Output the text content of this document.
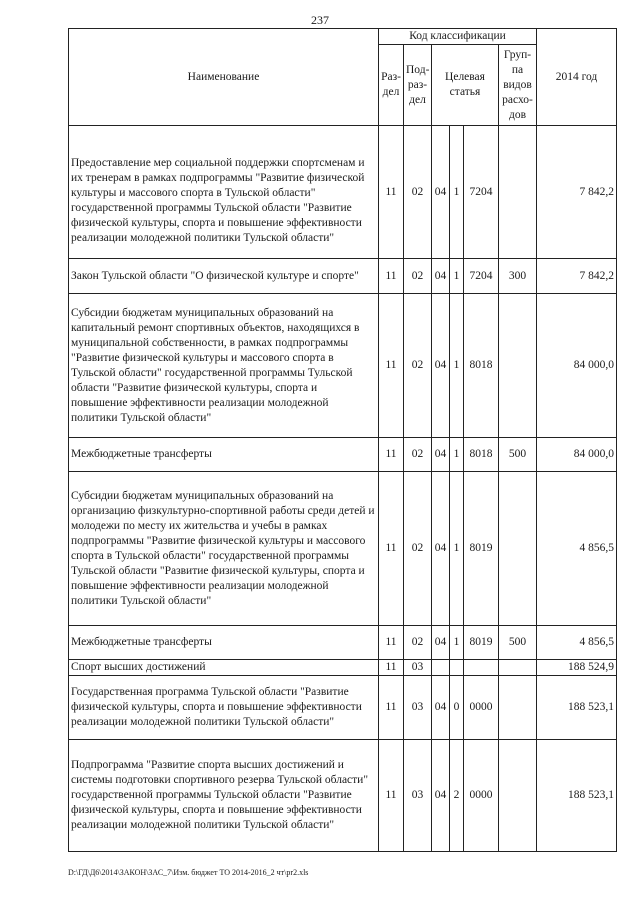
237
Наименование	Код классификации						2014 год
	Раз- дел	Под- раз- дел	Целевая статья			Груп- па видов расхо- дов	
Предоставление мер социальной поддержки спортсменам и их тренерам в рамках подпрограммы "Развитие физической культуры и массового спорта в Тульской области" государственной программы Тульской области "Развитие физической культуры, спорта и повышение эффективности реализации молодежной политики Тульской области"	11	02	04	1	7204		7 842,2
Закон Тульской области "О физической культуре и спорте"	11	02	04	1	7204	300	7 842,2
Субсидии бюджетам муниципальных образований на капитальный ремонт спортивных объектов, находящихся в муниципальной собственности, в рамках подпрограммы "Развитие физической культуры и массового спорта в Тульской области" государственной программы Тульской области "Развитие физической культуры, спорта и повышение эффективности реализации молодежной политики Тульской области"	11	02	04	1	8018		84 000,0
Межбюджетные трансферты	11	02	04	1	8018	500	84 000,0
Субсидии бюджетам муниципальных образований на организацию физкультурно-спортивной работы среди детей и молодежи по месту их жительства и учебы в рамках подпрограммы "Развитие физической культуры и массового спорта в Тульской области" государственной программы Тульской области "Развитие физической культуры, спорта и повышение эффективности реализации молодежной политики Тульской области"	11	02	04	1	8019		4 856,5
Межбюджетные трансферты	11	02	04	1	8019	500	4 856,5
Спорт высших достижений	11	03					188 524,9
Государственная программа Тульской области "Развитие физической культуры, спорта и повышение эффективности реализации молодежной политики Тульской области"	11	03	04	0	0000		188 523,1
Подпрограмма "Развитие спорта высших достижений и системы подготовки спортивного резерва Тульской области" государственной программы Тульской области "Развитие физической культуры, спорта и повышение эффективности реализации молодежной политики Тульской области"	11	03	04	2	0000		188 523,1
D:\ГД\Д6\2014\ЗАКОН\ЗАС_7\Изм. бюджет ТО 2014-2016_2 чт\pr2.xls
